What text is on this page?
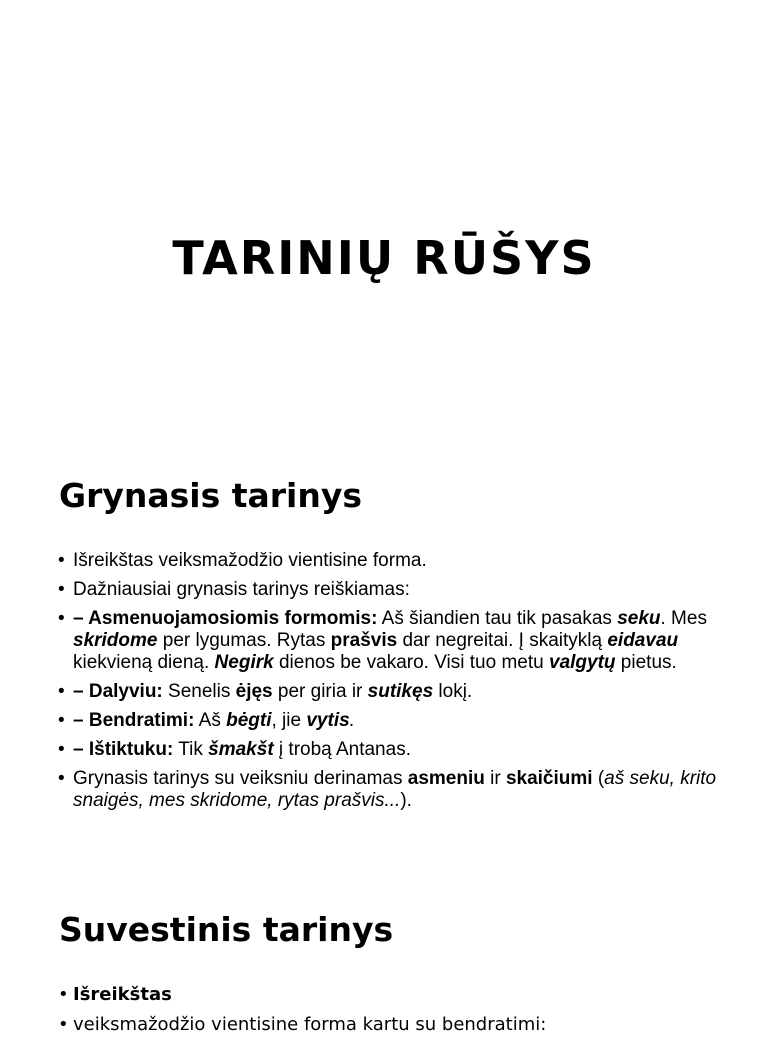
TARINIŲ RŪŠYS
Grynasis tarinys
• Išreikštas veiksmažodžio vientisine forma.
• Dažniausiai grynasis tarinys reiškiamas:
• – Asmenuojamosiomis formomis: Aš šiandien tau tik pasakas seku. Mes skridome per lygumas. Rytas prašvis dar negreitai. Į skaityklą eidavau kiekvieną dieną. Negirk dienos be vakaro. Visi tuo metu valgytų pietus.
• – Dalyviu: Senelis ėjęs per giria ir sutikęs lokį.
• – Bendratimi: Aš bėgti, jie vytis.
• – Ištiktuku: Tik šmakšt į trobą Antanas.
• Grynasis tarinys su veiksniu derinamas asmeniu ir skaičiumi (aš seku, krito snaigės, mes skridome, rytas prašvis...).
Suvestinis tarinys
• Išreikštas
• veiksmažodžio vientisine forma kartu su bendratimi:
